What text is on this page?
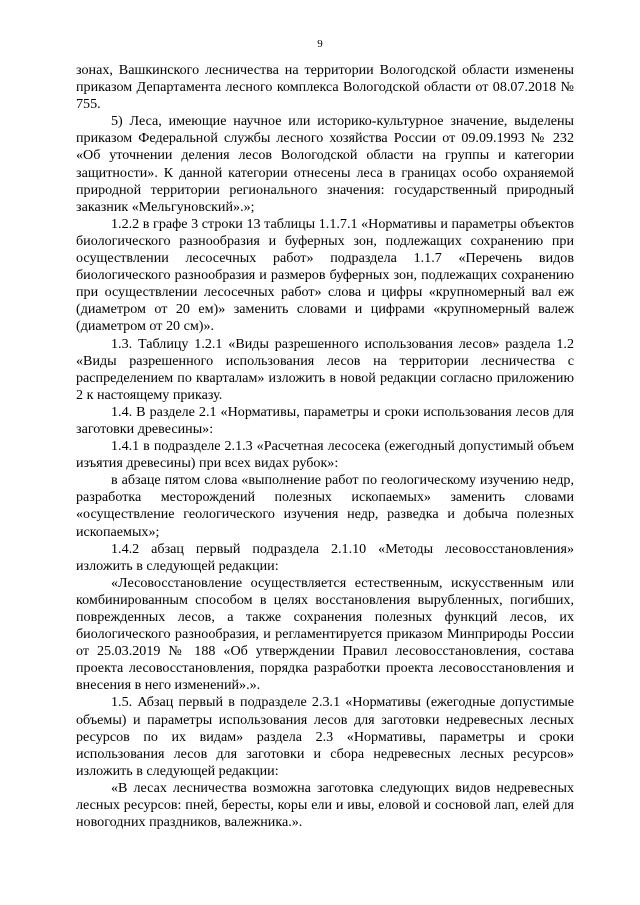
9

зонах, Вашкинского лесничества на территории Вологодской области изменены приказом Департамента лесного комплекса Вологодской области от 08.07.2018 № 755.

5) Леса, имеющие научное или историко-культурное значение, выделены приказом Федеральной службы лесного хозяйства России от 09.09.1993 № 232 «Об уточнении деления лесов Вологодской области на группы и категории защитности». К данной категории отнесены леса в границах особо охраняемой природной территории регионального значения: государственный природный заказник «Мельгуновский».»;

1.2.2 в графе 3 строки 13 таблицы 1.1.7.1 «Нормативы и параметры объектов биологического разнообразия и буферных зон, подлежащих сохранению при осуществлении лесосечных работ» подраздела 1.1.7 «Перечень видов биологического разнообразия и размеров буферных зон, подлежащих сохранению при осуществлении лесосечных работ» слова и цифры «крупномерный вал еж (диаметром от 20 ем)» заменить словами и цифрами «крупномерный валеж (диаметром от 20 см)».

1.3. Таблицу 1.2.1 «Виды разрешенного использования лесов» раздела 1.2 «Виды разрешенного использования лесов на территории лесничества с распределением по кварталам» изложить в новой редакции согласно приложению 2 к настоящему приказу.

1.4. В разделе 2.1 «Нормативы, параметры и сроки использования лесов для заготовки древесины»:

1.4.1 в подразделе 2.1.3 «Расчетная лесосека (ежегодный допустимый объем изъятия древесины) при всех видах рубок»:

в абзаце пятом слова «выполнение работ по геологическому изучению недр, разработка месторождений полезных ископаемых» заменить словами «осуществление геологического изучения недр, разведка и добыча полезных ископаемых»;

1.4.2 абзац первый подраздела 2.1.10 «Методы лесовосстановления» изложить в следующей редакции:

«Лесовосстановление осуществляется естественным, искусственным или комбинированным способом в целях восстановления вырубленных, погибших, поврежденных лесов, а также сохранения полезных функций лесов, их биологического разнообразия, и регламентируется приказом Минприроды России от 25.03.2019 № 188 «Об утверждении Правил лесовосстановления, состава проекта лесовосстановления, порядка разработки проекта лесовосстановления и внесения в него изменений».».

1.5. Абзац первый в подразделе 2.3.1 «Нормативы (ежегодные допустимые объемы) и параметры использования лесов для заготовки недревесных лесных ресурсов по их видам» раздела 2.3 «Нормативы, параметры и сроки использования лесов для заготовки и сбора недревесных лесных ресурсов» изложить в следующей редакции:

«В лесах лесничества возможна заготовка следующих видов недревесных лесных ресурсов: пней, бересты, коры ели и ивы, еловой и сосновой лап, елей для новогодних праздников, валежника.».
